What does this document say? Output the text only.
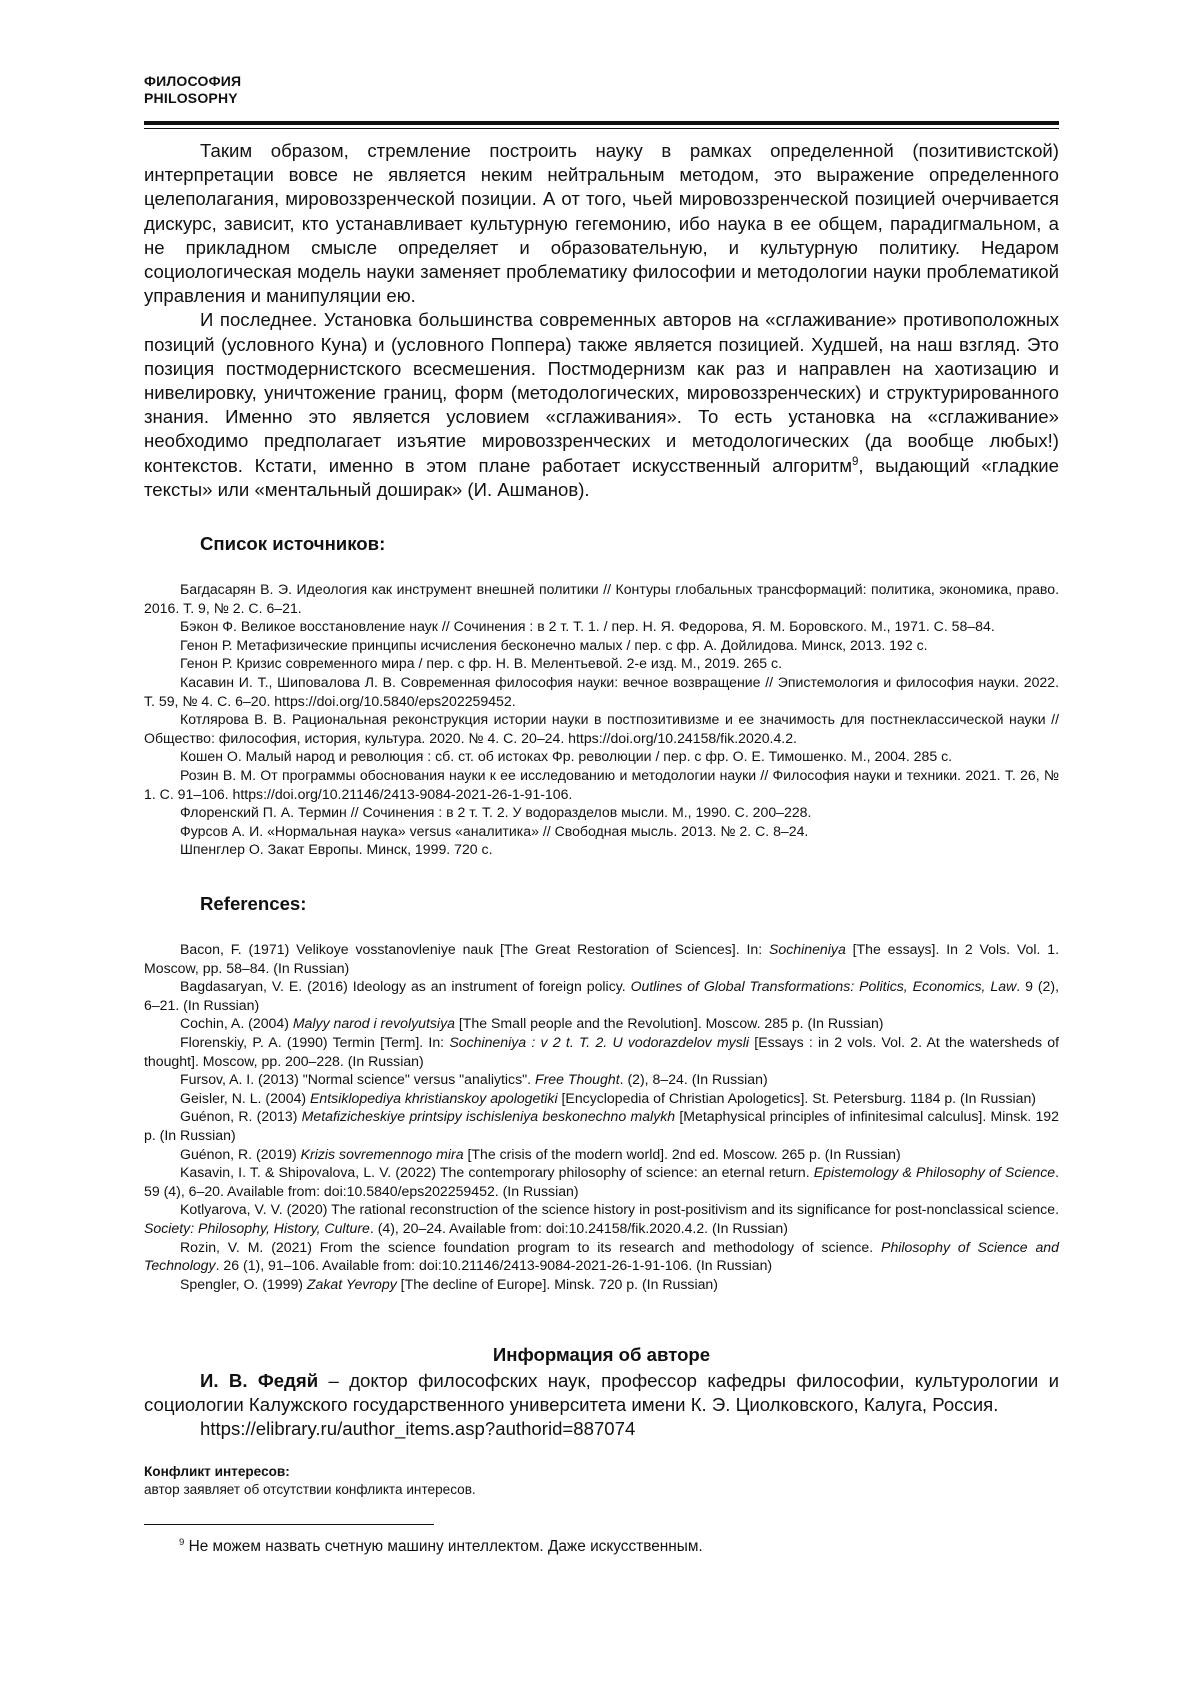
ФИЛОСОФИЯ
PHILOSOPHY

Таким образом, стремление построить науку в рамках определенной (позитивистской) интерпретации вовсе не является неким нейтральным методом, это выражение определенного целеполагания, мировоззренческой позиции. А от того, чьей мировоззренческой позицией очерчивается дискурс, зависит, кто устанавливает культурную гегемонию, ибо наука в ее общем, парадигмальном, а не прикладном смысле определяет и образовательную, и культурную политику. Недаром социологическая модель науки заменяет проблематику философии и методологии науки проблематикой управления и манипуляции ею.

И последнее. Установка большинства современных авторов на «сглаживание» противоположных позиций (условного Куна) и (условного Поппера) также является позицией. Худшей, на наш взгляд. Это позиция постмодернистского всесмешения. Постмодернизм как раз и направлен на хаотизацию и нивелировку, уничтожение границ, форм (методологических, мировоззренческих) и структурированного знания. Именно это является условием «сглаживания». То есть установка на «сглаживание» необходимо предполагает изъятие мировоззренческих и методологических (да вообще любых!) контекстов. Кстати, именно в этом плане работает искусственный алгоритм$^9$, выдающий «гладкие тексты» или «ментальный доширак» (И. Ашманов).

Список источников:

Багдасарян В. Э. Идеология как инструмент внешней политики // Контуры глобальных трансформаций: политика, экономика, право. 2016. Т. 9, № 2. С. 6–21.

Бэкон Ф. Великое восстановление наук // Сочинения : в 2 т. Т. 1. / пер. Н. Я. Федорова, Я. М. Боровского. М., 1971. С. 58–84.

Генон Р. Метафизические принципы исчисления бесконечно малых / пер. с фр. А. Дойлидова. Минск, 2013. 192 с.

Генон Р. Кризис современного мира / пер. с фр. Н. В. Мелентьевой. 2-е изд. М., 2019. 265 с.

Касавин И. Т., Шиповалова Л. В. Современная философия науки: вечное возвращение // Эпистемология и философия науки. 2022. Т. 59, № 4. С. 6–20. https://doi.org/10.5840/eps202259452.

Котлярова В. В. Рациональная реконструкция истории науки в постпозитивизме и ее значимость для постнеклассической науки // Общество: философия, история, культура. 2020. № 4. С. 20–24. https://doi.org/10.24158/fik.2020.4.2.

Кошен О. Малый народ и революция : сб. ст. об истоках Фр. революции / пер. с фр. О. Е. Тимошенко. М., 2004. 285 с.

Розин В. М. От программы обоснования науки к ее исследованию и методологии науки // Философия науки и техники. 2021. Т. 26, № 1. С. 91–106. https://doi.org/10.21146/2413-9084-2021-26-1-91-106.

Флоренский П. А. Термин // Сочинения : в 2 т. Т. 2. У водоразделов мысли. М., 1990. С. 200–228.

Фурсов А. И. «Нормальная наука» versus «аналитика» // Свободная мысль. 2013. № 2. С. 8–24.

Шпенглер О. Закат Европы. Минск, 1999. 720 с.

References:

Bacon, F. (1971) Velikoye vosstanovleniye nauk [The Great Restoration of Sciences]. In: Sochineniya [The essays]. In 2 Vols. Vol. 1. Moscow, pp. 58–84. (In Russian)

Bagdasaryan, V. E. (2016) Ideology as an instrument of foreign policy. Outlines of Global Transformations: Politics, Economics, Law. 9 (2), 6–21. (In Russian)

Cochin, A. (2004) Malyy narod i revolyutsiya [The Small people and the Revolution]. Moscow. 285 p. (In Russian)

Florenskiy, P. A. (1990) Termin [Term]. In: Sochineniya : v 2 t. T. 2. U vodorazdelov mysli [Essays : in 2 vols. Vol. 2. At the watersheds of thought]. Moscow, pp. 200–228. (In Russian)

Fursov, A. I. (2013) "Normal science" versus "analiytics". Free Thought. (2), 8–24. (In Russian)

Geisler, N. L. (2004) Entsiklopediya khristianskoy apologetiki [Encyclopedia of Christian Apologetics]. St. Petersburg. 1184 p. (In Russian)

Guénon, R. (2013) Metafizicheskiye printsipy ischisleniya beskonechno malykh [Metaphysical principles of infinitesimal calculus]. Minsk. 192 p. (In Russian)

Guénon, R. (2019) Krizis sovremennogo mira [The crisis of the modern world]. 2nd ed. Moscow. 265 p. (In Russian)

Kasavin, I. T. & Shipovalova, L. V. (2022) The contemporary philosophy of science: an eternal return. Epistemology & Philosophy of Science. 59 (4), 6–20. Available from: doi:10.5840/eps202259452. (In Russian)

Kotlyarova, V. V. (2020) The rational reconstruction of the science history in post-positivism and its significance for post-nonclassical science. Society: Philosophy, History, Culture. (4), 20–24. Available from: doi:10.24158/fik.2020.4.2. (In Russian)

Rozin, V. M. (2021) From the science foundation program to its research and methodology of science. Philosophy of Science and Technology. 26 (1), 91–106. Available from: doi:10.21146/2413-9084-2021-26-1-91-106. (In Russian)

Spengler, O. (1999) Zakat Yevropy [The decline of Europe]. Minsk. 720 p. (In Russian)

Информация об авторе

И. В. Федяй – доктор философских наук, профессор кафедры философии, культурологии и социологии Калужского государственного университета имени К. Э. Циолковского, Калуга, Россия.

https://elibrary.ru/author_items.asp?authorid=887074

Конфликт интересов:
автор заявляет об отсутствии конфликта интересов.
$^9$ Не можем назвать счетную машину интеллектом. Даже искусственным.
